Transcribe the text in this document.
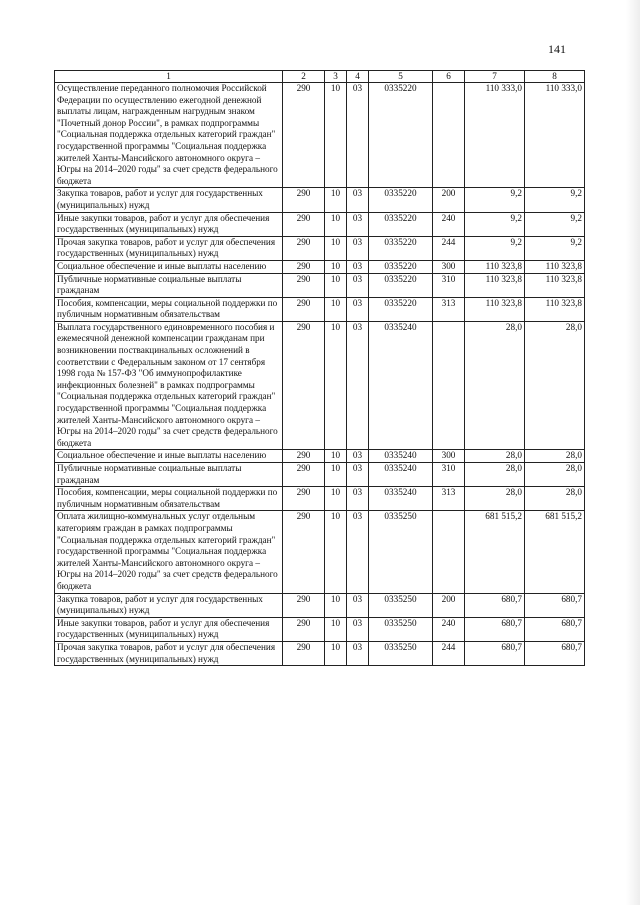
141
1	2	3	4	5	6	7	8
Осуществление переданного полномочия Российской Федерации по осуществлению ежегодной денежной выплаты лицам, награжденным нагрудным знаком "Почетный донор России", в рамках подпрограммы "Социальная поддержка отдельных категорий граждан" государственной программы "Социальная поддержка жителей Ханты-Мансийского автономного округа – Югры на 2014–2020 годы" за счет средств федерального бюджета	290	10	03	0335220		110 333,0	110 333,0
Закупка товаров, работ и услуг для государственных (муниципальных) нужд	290	10	03	0335220	200	9,2	9,2
Иные закупки товаров, работ и услуг для обеспечения государственных (муниципальных) нужд	290	10	03	0335220	240	9,2	9,2
Прочая закупка товаров, работ и услуг для обеспечения государственных (муниципальных) нужд	290	10	03	0335220	244	9,2	9,2
Социальное обеспечение и иные выплаты населению	290	10	03	0335220	300	110 323,8	110 323,8
Публичные нормативные социальные выплаты гражданам	290	10	03	0335220	310	110 323,8	110 323,8
Пособия, компенсации, меры социальной поддержки по публичным нормативным обязательствам	290	10	03	0335220	313	110 323,8	110 323,8
Выплата государственного единовременного пособия и ежемесячной денежной компенсации гражданам при возникновении поствакцинальных осложнений в соответствии с Федеральным законом от 17 сентября 1998 года № 157-ФЗ "Об иммунопрофилактике инфекционных болезней" в рамках подпрограммы "Социальная поддержка отдельных категорий граждан" государственной программы "Социальная поддержка жителей Ханты-Мансийского автономного округа – Югры на 2014–2020 годы" за счет средств федерального бюджета	290	10	03	0335240		28,0	28,0
Социальное обеспечение и иные выплаты населению	290	10	03	0335240	300	28,0	28,0
Публичные нормативные социальные выплаты гражданам	290	10	03	0335240	310	28,0	28,0
Пособия, компенсации, меры социальной поддержки по публичным нормативным обязательствам	290	10	03	0335240	313	28,0	28,0
Оплата жилищно-коммунальных услуг отдельным категориям граждан в рамках подпрограммы "Социальная поддержка отдельных категорий граждан" государственной программы "Социальная поддержка жителей Ханты-Мансийского автономного округа – Югры на 2014–2020 годы" за счет средств федерального бюджета	290	10	03	0335250		681 515,2	681 515,2
Закупка товаров, работ и услуг для государственных (муниципальных) нужд	290	10	03	0335250	200	680,7	680,7
Иные закупки товаров, работ и услуг для обеспечения государственных (муниципальных) нужд	290	10	03	0335250	240	680,7	680,7
Прочая закупка товаров, работ и услуг для обеспечения государственных (муниципальных) нужд	290	10	03	0335250	244	680,7	680,7
